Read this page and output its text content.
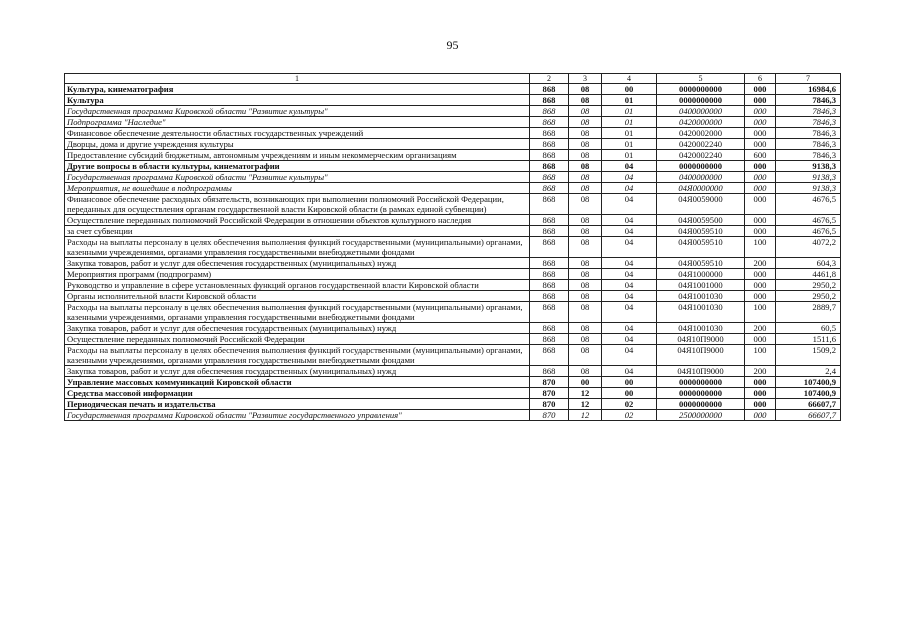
95
1	2	3	4	5	6	7
Культура, кинематография	868	08	00	0000000000	000	16984,6
Культура	868	08	01	0000000000	000	7846,3
Государственная программа Кировской области "Развитие культуры"	868	08	01	0400000000	000	7846,3
Подпрограмма "Наследие"	868	08	01	0420000000	000	7846,3
Финансовое обеспечение деятельности областных государственных учреждений	868	08	01	0420002000	000	7846,3
Дворцы, дома и другие учреждения культуры	868	08	01	0420002240	000	7846,3
Предоставление субсидий бюджетным, автономным учреждениям и иным некоммерческим организациям	868	08	01	0420002240	600	7846,3
Другие вопросы в области культуры, кинематографии	868	08	04	0000000000	000	9138,3
Государственная программа Кировской области "Развитие культуры"	868	08	04	0400000000	000	9138,3
Мероприятия, не вошедшие в подпрограммы	868	08	04	04Я0000000	000	9138,3
Финансовое обеспечение расходных обязательств, возникающих при выполнении полномочий Российской Федерации, переданных для осуществления органам государственной власти Кировской области (в рамках единой субвенции)	868	08	04	04Я0059000	000	4676,5
Осуществление переданных полномочий Российской Федерации в отношении объектов культурного наследия	868	08	04	04Я0059500	000	4676,5
за счет субвенции	868	08	04	04Я0059510	000	4676,5
Расходы на выплаты персоналу в целях обеспечения выполнения функций государственными (муниципальными) органами, казенными учреждениями, органами управления государственными внебюджетными фондами	868	08	04	04Я0059510	100	4072,2
Закупка товаров, работ и услуг для обеспечения государственных (муниципальных) нужд	868	08	04	04Я0059510	200	604,3
Мероприятия программ (подпрограмм)	868	08	04	04Я1000000	000	4461,8
Руководство и управление в сфере установленных функций органов государственной власти Кировской области	868	08	04	04Я1001000	000	2950,2
Органы исполнительной власти Кировской области	868	08	04	04Я1001030	000	2950,2
Расходы на выплаты персоналу в целях обеспечения выполнения функций государственными (муниципальными) органами, казенными учреждениями, органами управления государственными внебюджетными фондами	868	08	04	04Я1001030	100	2889,7
Закупка товаров, работ и услуг для обеспечения государственных (муниципальных) нужд	868	08	04	04Я1001030	200	60,5
Осуществление переданных полномочий Российской Федерации	868	08	04	04Я10П9000	000	1511,6
Расходы на выплаты персоналу в целях обеспечения выполнения функций государственными (муниципальными) органами, казенными учреждениями, органами управления государственными внебюджетными фондами	868	08	04	04Я10П9000	100	1509,2
Закупка товаров, работ и услуг для обеспечения государственных (муниципальных) нужд	868	08	04	04Я10П9000	200	2,4
Управление массовых коммуникаций Кировской области	870	00	00	0000000000	000	107400,9
Средства массовой информации	870	12	00	0000000000	000	107400,9
Периодическая печать и издательства	870	12	02	0000000000	000	66607,7
Государственная программа Кировской области "Развитие государственного управления"	870	12	02	2500000000	000	66607,7
